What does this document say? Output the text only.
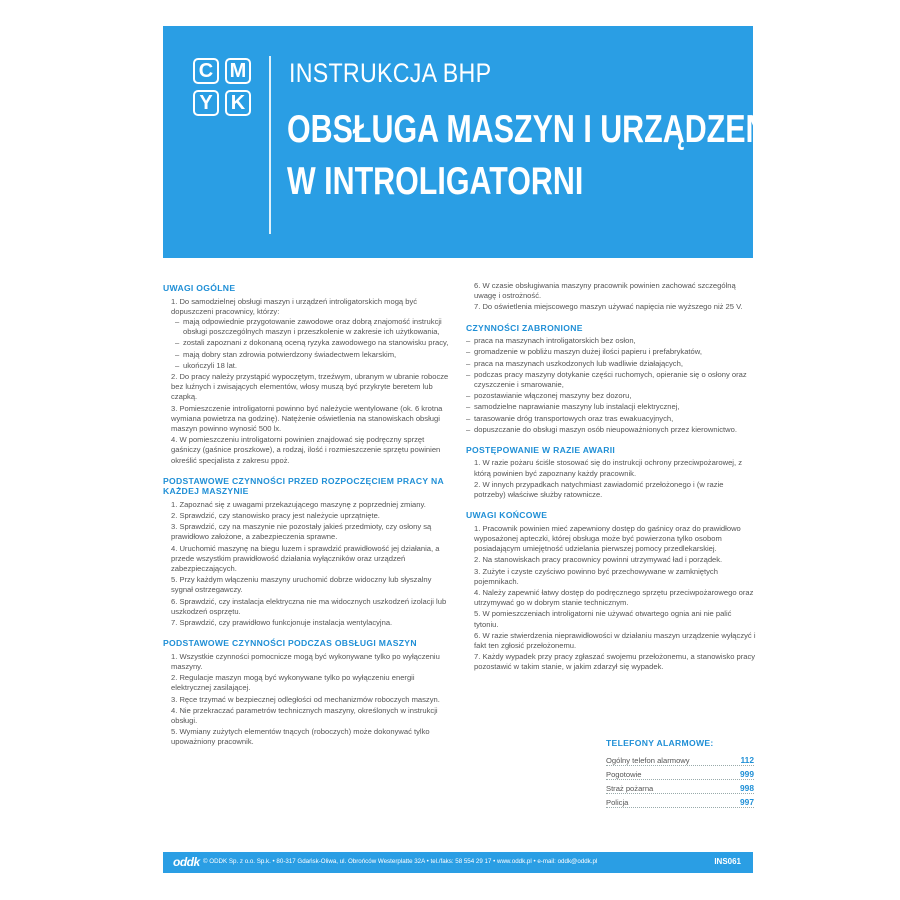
C M
Y K
INSTRUKCJA BHP
OBSŁUGA MASZYN I URZĄDZEŃ
W INTROLIGATORNI
UWAGI OGÓLNE
1. Do samodzielnej obsługi maszyn i urządzeń introligatorskich mogą być dopuszczeni pracownicy, którzy:
– mają odpowiednie przygotowanie zawodowe oraz dobrą znajomość instrukcji obsługi poszczególnych maszyn i przeszkolenie w zakresie ich użytkowania,
– zostali zapoznani z dokonaną oceną ryzyka zawodowego na stanowisku pracy,
– mają dobry stan zdrowia potwierdzony świadectwem lekarskim,
– ukończyli 18 lat.
2. Do pracy należy przystąpić wypoczętym, trzeźwym, ubranym w ubranie robocze bez luźnych i zwisających elementów, włosy muszą być przykryte beretem lub czapką.
3. Pomieszczenie introligatorni powinno być należycie wentylowane (ok. 6 krotna wymiana powietrza na godzinę). Natężenie oświetlenia na stanowiskach obsługi maszyn powinno wynosić 500 lx.
4. W pomieszczeniu introligatorni powinien znajdować się podręczny sprzęt gaśniczy (gaśnice proszkowe), a rodzaj, ilość i rozmieszczenie sprzętu powinien określić specjalista z zakresu ppoż.
PODSTAWOWE CZYNNOŚCI PRZED ROZPOCZĘCIEM PRACY NA KAŻDEJ MASZYNIE
1. Zapoznać się z uwagami przekazującego maszynę z poprzedniej zmiany.
2. Sprawdzić, czy stanowisko pracy jest należycie uprzątnięte.
3. Sprawdzić, czy na maszynie nie pozostały jakieś przedmioty, czy osłony są prawidłowo założone, a zabezpieczenia sprawne.
4. Uruchomić maszynę na biegu luzem i sprawdzić prawidłowość jej działania, a przede wszystkim prawidłowość działania wyłączników oraz urządzeń zabezpieczających.
5. Przy każdym włączeniu maszyny uruchomić dobrze widoczny lub słyszalny sygnał ostrzegawczy.
6. Sprawdzić, czy instalacja elektryczna nie ma widocznych uszkodzeń izolacji lub uszkodzeń osprzętu.
7. Sprawdzić, czy prawidłowo funkcjonuje instalacja wentylacyjna.
PODSTAWOWE CZYNNOŚCI PODCZAS OBSŁUGI MASZYN
1. Wszystkie czynności pomocnicze mogą być wykonywane tylko po wyłączeniu maszyny.
2. Regulacje maszyn mogą być wykonywane tylko po wyłączeniu energii elektrycznej zasilającej.
3. Ręce trzymać w bezpiecznej odległości od mechanizmów roboczych maszyn.
4. Nie przekraczać parametrów technicznych maszyny, określonych w instrukcji obsługi.
5. Wymiany zużytych elementów tnących (roboczych) może dokonywać tylko upoważniony pracownik.
6. W czasie obsługiwania maszyny pracownik powinien zachować szczególną uwagę i ostrożność.
7. Do oświetlenia miejscowego maszyn używać napięcia nie wyższego niż 25 V.
CZYNNOŚCI ZABRONIONE
– praca na maszynach introligatorskich bez osłon,
– gromadzenie w pobliżu maszyn dużej ilości papieru i prefabrykatów,
– praca na maszynach uszkodzonych lub wadliwie działających,
– podczas pracy maszyny dotykanie części ruchomych, opieranie się o osłony oraz czyszczenie i smarowanie,
– pozostawianie włączonej maszyny bez dozoru,
– samodzielne naprawianie maszyny lub instalacji elektrycznej,
– tarasowanie dróg transportowych oraz tras ewakuacyjnych,
– dopuszczanie do obsługi maszyn osób nieupoważnionych przez kierownictwo.
POSTĘPOWANIE W RAZIE AWARII
1. W razie pożaru ściśle stosować się do instrukcji ochrony przeciwpożarowej, z którą powinien być zapoznany każdy pracownik.
2. W innych przypadkach natychmiast zawiadomić przełożonego i (w razie potrzeby) właściwe służby ratownicze.
UWAGI KOŃCOWE
1. Pracownik powinien mieć zapewniony dostęp do gaśnicy oraz do prawidłowo wyposażonej apteczki, której obsługa może być powierzona tylko osobom posiadającym umiejętność udzielania pierwszej pomocy przedlekarskiej.
2. Na stanowiskach pracy pracownicy powinni utrzymywać ład i porządek.
3. Zużyte i czyste czyściwo powinno być przechowywane w zamkniętych pojemnikach.
4. Należy zapewnić łatwy dostęp do podręcznego sprzętu przeciwpożarowego oraz utrzymywać go w dobrym stanie technicznym.
5. W pomieszczeniach introligatorni nie używać otwartego ognia ani nie palić tytoniu.
6. W razie stwierdzenia nieprawidłowości w działaniu maszyn urządzenie wyłączyć i fakt ten zgłosić przełożonemu.
7. Każdy wypadek przy pracy zgłaszać swojemu przełożonemu, a stanowisko pracy pozostawić w takim stanie, w jakim zdarzył się wypadek.
TELEFONY ALARMOWE:
Ogólny telefon alarmowy	112
Pogotowie	999
Straż pożarna	998
Policja	997
oddk © ODDK Sp. z o.o. Sp.k. • 80-317 Gdańsk-Oliwa, ul. Obrońców Westerplatte 32A • tel./faks: 58 554 29 17 • www.oddk.pl • e-mail: oddk@oddk.pl	INS061
